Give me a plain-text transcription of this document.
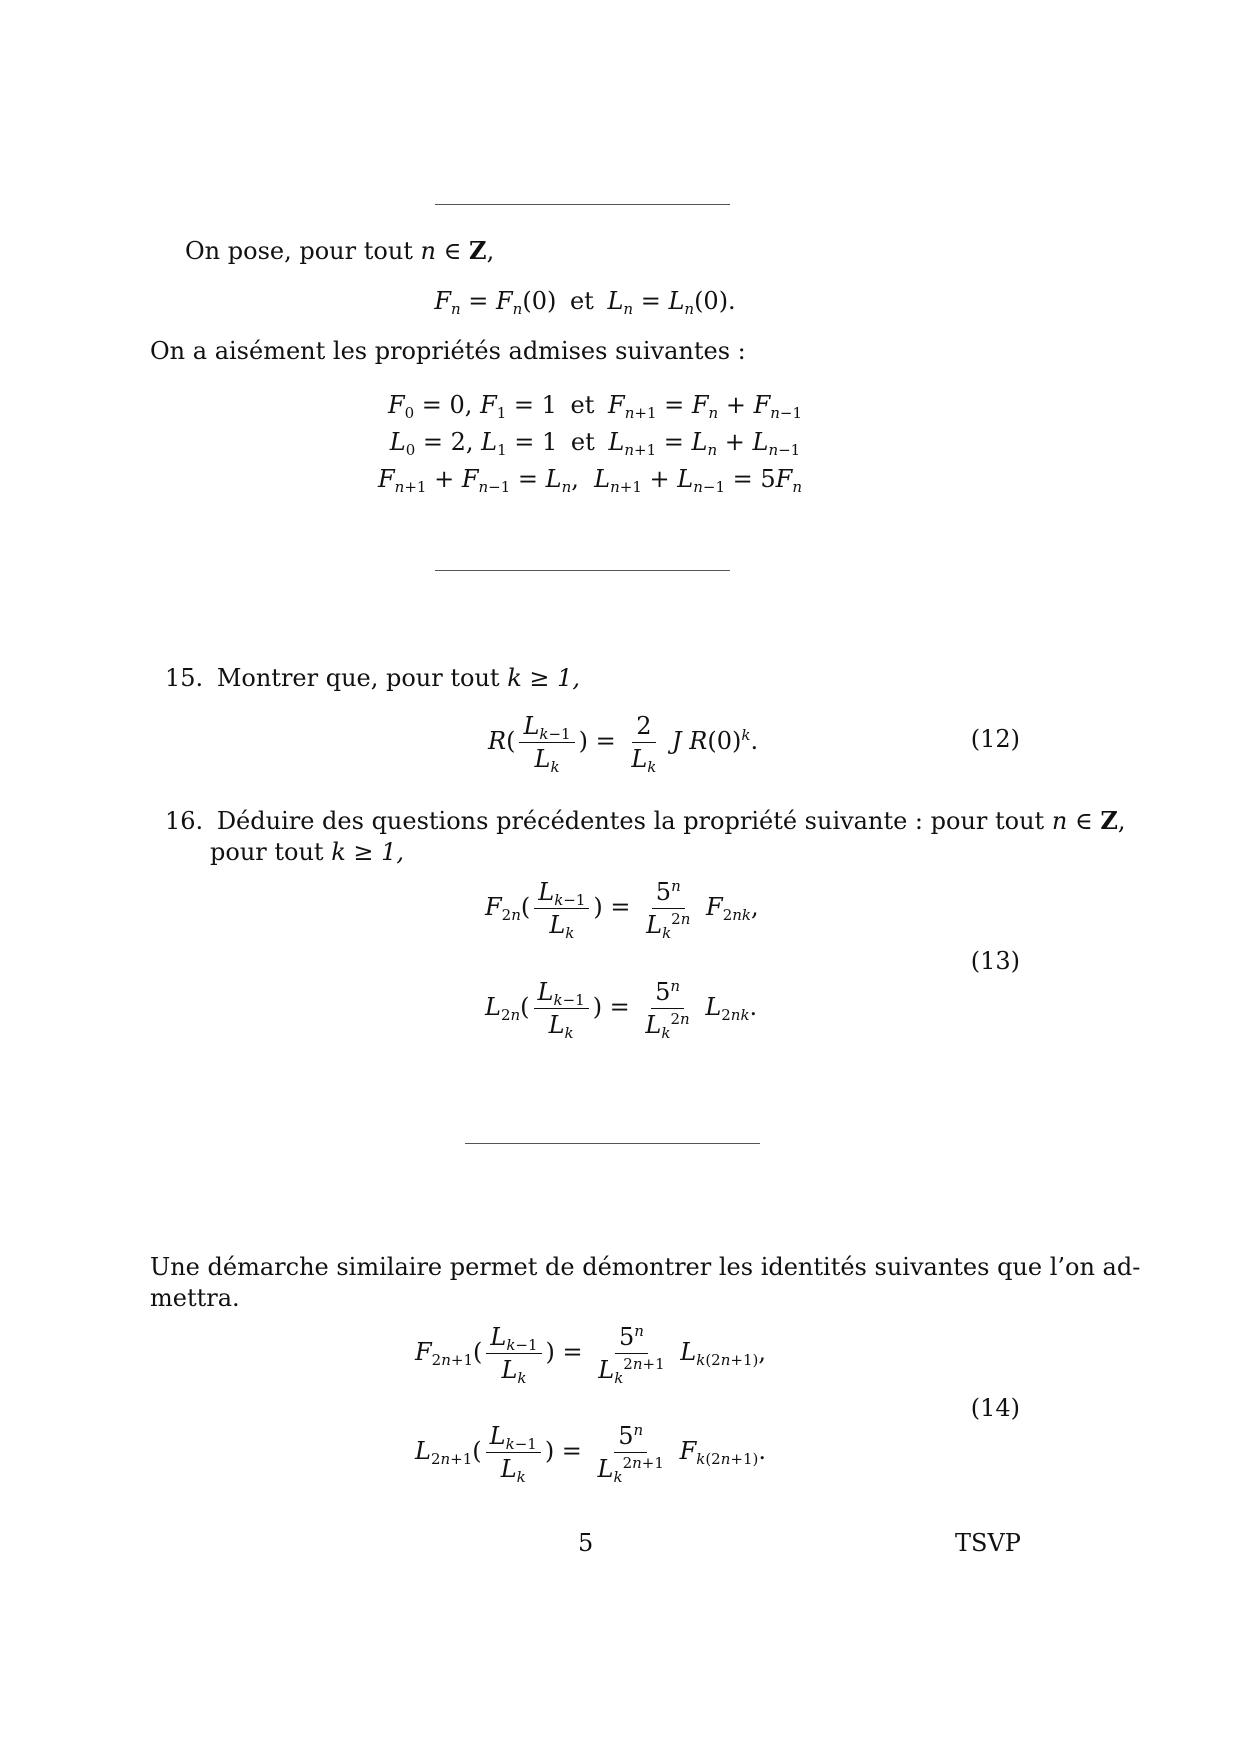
On pose, pour tout n ∈ Z,
$F_n = F_n(0)$ et $L_n = L_n(0)$.
On a aisément les propriétés admises suivantes :
$F_0 = 0$, $F_1 = 1$ et $F_{n+1} = F_n + F_{n-1}$
$L_0 = 2$, $L_1 = 1$ et $L_{n+1} = L_n + L_{n-1}$
$F_{n+1} + F_{n-1} = L_n$,  $L_{n+1} + L_{n-1} = 5F_n$
15. Montrer que, pour tout k ≥ 1,
$R( \frac{L_{k-1}}{L_k}$ ) = $\frac{2}{L_k}$ J $R(0)^k$.	(12)
16. Déduire des questions précédentes la propriété suivante : pour tout n ∈ Z,
pour tout k ≥ 1,
$F_{2n}( \frac{L_{k-1}}{L_k}$ ) = $\frac{5^n}{L_k^{2n}} F_{2nk}$,
$L_{2n}( \frac{L_{k-1}}{L_k}$ ) = $\frac{5^n}{L_k^{2n}} L_{2nk}$.
(13)
Une démarche similaire permet de démontrer les identités suivantes que l’on ad-
mettra.
$F_{2n+1}( \frac{L_{k-1}}{L_k}$ ) = $\frac{5^n}{L_k^{2n+1}} L_{k(2n+1)}$,
$L_{2n+1}( \frac{L_{k-1}}{L_k}$ ) = $\frac{5^n}{L_k^{2n+1}} F_{k(2n+1)}$.
(14)
5	TSVP
